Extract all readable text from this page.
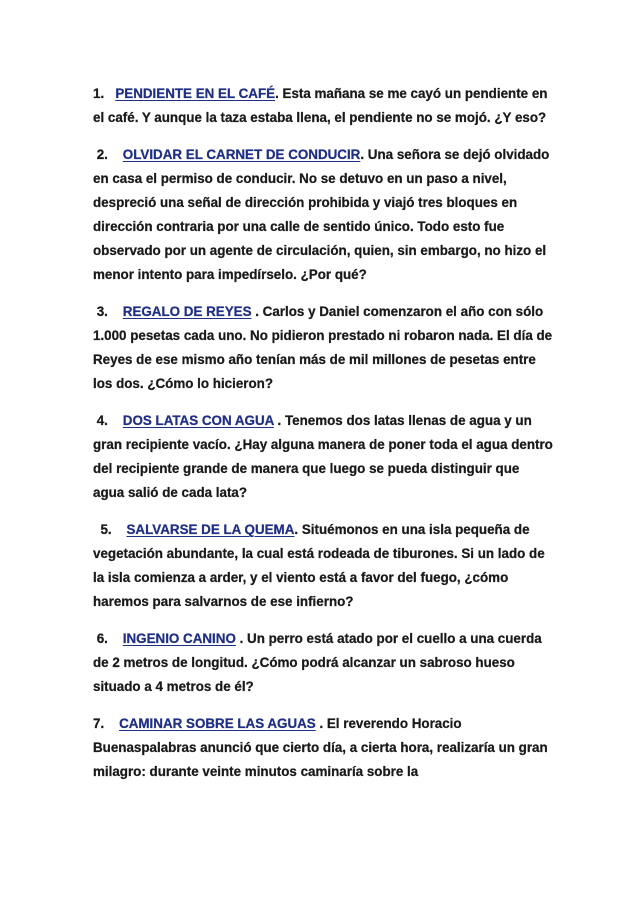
1.   PENDIENTE EN EL CAFÉ. Esta mañana se me cayó un pendiente en el café. Y aunque la taza estaba llena, el pendiente no se mojó. ¿Y eso?

2.    OLVIDAR EL CARNET DE CONDUCIR. Una señora se dejó olvidado en casa el permiso de conducir. No se detuvo en un paso a nivel, despreció una señal de dirección prohibida y viajó tres bloques en dirección contraria por una calle de sentido único. Todo esto fue observado por un agente de circulación, quien, sin embargo, no hizo el menor intento para impedírselo. ¿Por qué?

3.    REGALO DE REYES . Carlos y Daniel comenzaron el año con sólo 1.000 pesetas cada uno. No pidieron prestado ni robaron nada. El día de Reyes de ese mismo año tenían más de mil millones de pesetas entre los dos. ¿Cómo lo hicieron?

4.    DOS LATAS CON AGUA . Tenemos dos latas llenas de agua y un gran recipiente vacío. ¿Hay alguna manera de poner toda el agua dentro del recipiente grande de manera que luego se pueda distinguir que agua salió de cada lata?

5.    SALVARSE DE LA QUEMA. Situémonos en una isla pequeña de vegetación abundante, la cual está rodeada de tiburones. Si un lado de la isla comienza a arder, y el viento está a favor del fuego, ¿cómo haremos para salvarnos de ese infierno?

6.    INGENIO CANINO . Un perro está atado por el cuello a una cuerda de 2 metros de longitud. ¿Cómo podrá alcanzar un sabroso hueso situado a 4 metros de él?

7.    CAMINAR SOBRE LAS AGUAS . El reverendo Horacio Buenaspalabras anunció que cierto día, a cierta hora, realizaría un gran milagro: durante veinte minutos caminaría sobre la
